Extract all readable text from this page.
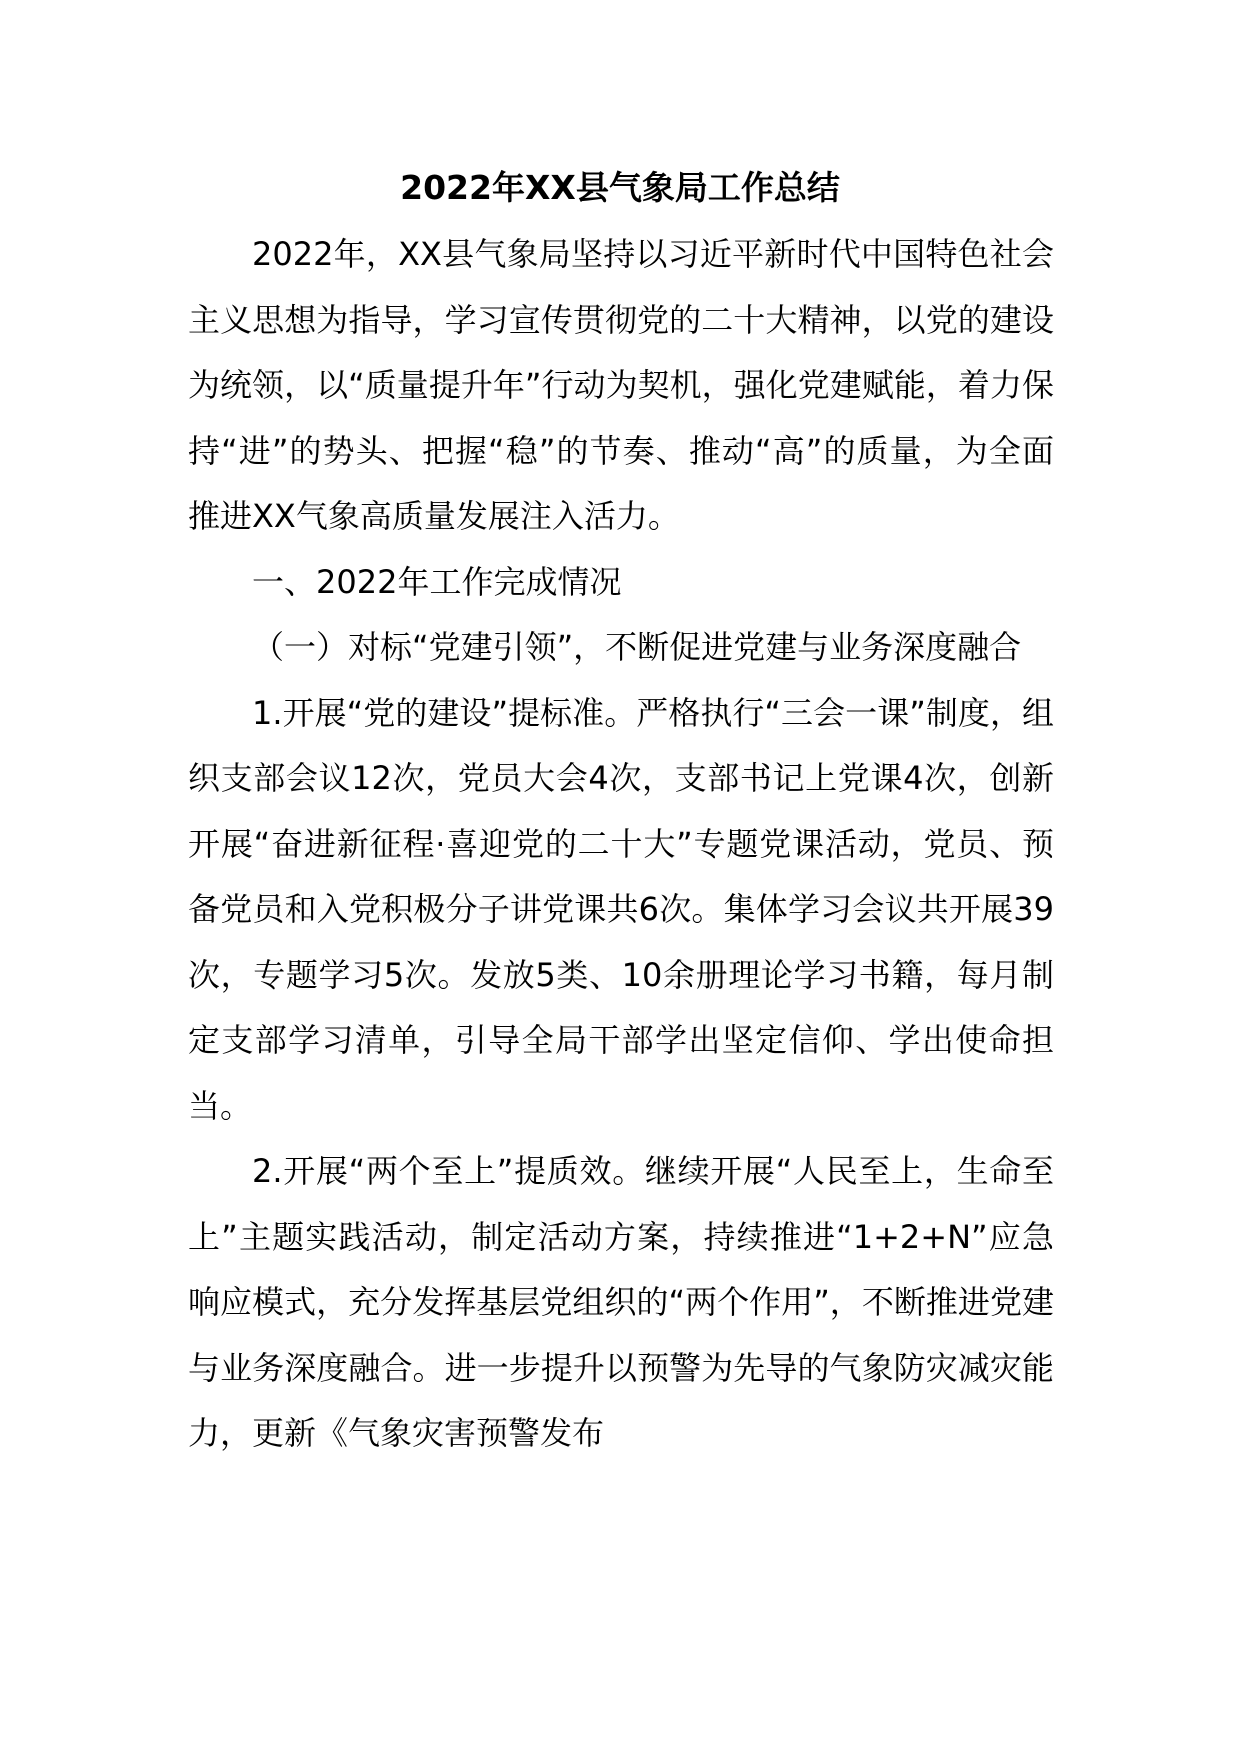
2022年XX县气象局工作总结

2022年，XX县气象局坚持以习近平新时代中国特色社会主义思想为指导，学习宣传贯彻党的二十大精神，以党的建设为统领，以“质量提升年”行动为契机，强化党建赋能，着力保持“进”的势头、把握“稳”的节奏、推动“高”的质量，为全面推进XX气象高质量发展注入活力。

一、2022年工作完成情况

（一）对标“党建引领”，不断促进党建与业务深度融合

1.开展“党的建设”提标准。严格执行“三会一课”制度，组织支部会议12次，党员大会4次，支部书记上党课4次，创新开展“奋进新征程·喜迎党的二十大”专题党课活动，党员、预备党员和入党积极分子讲党课共6次。集体学习会议共开展39次，专题学习5次。发放5类、10余册理论学习书籍，每月制定支部学习清单，引导全局干部学出坚定信仰、学出使命担当。

2.开展“两个至上”提质效。继续开展“人民至上，生命至上”主题实践活动，制定活动方案，持续推进“1+2+N”应急响应模式，充分发挥基层党组织的“两个作用”，不断推进党建与业务深度融合。进一步提升以预警为先导的气象防灾减灾能力，更新《气象灾害预警发布
